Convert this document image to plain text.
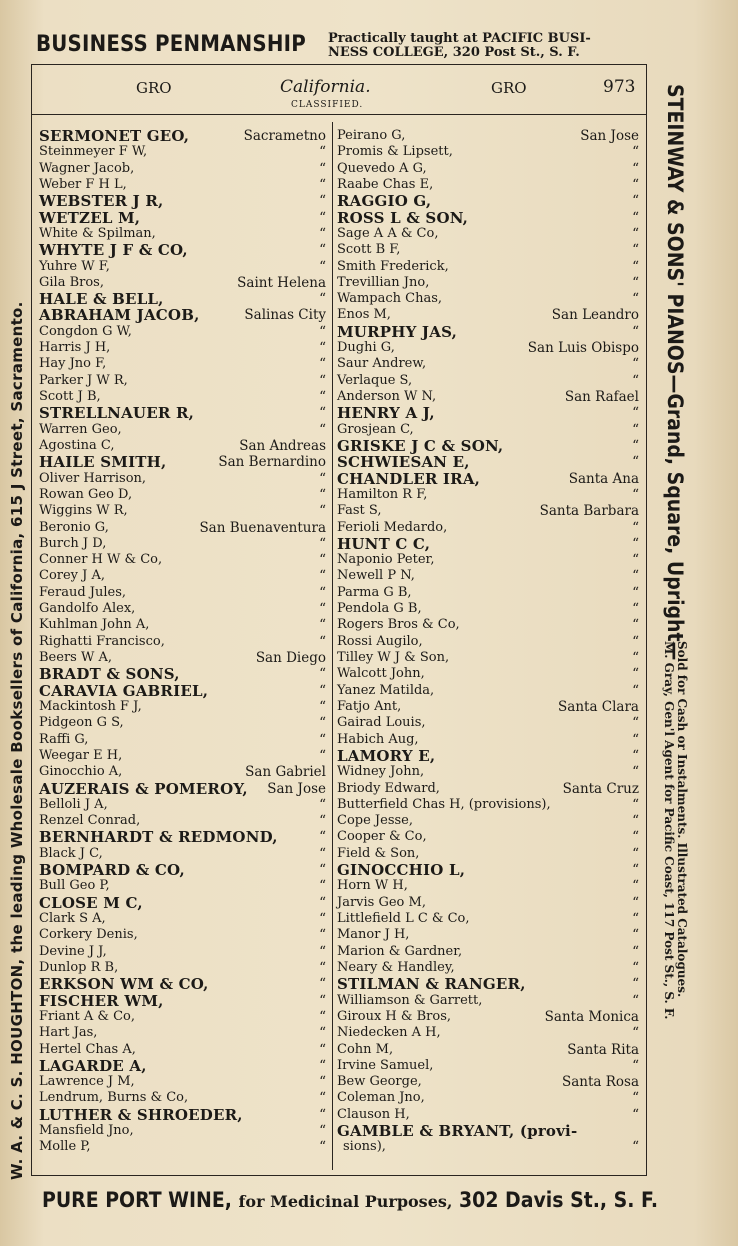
BUSINESS PENMANSHIP Practically taught at PACIFIC BUSI-
NESS COLLEGE, 320 Post St., S. F.
GRO	California.
CLASSIFIED.
GRO	973
SERMONET GEO,	Sacrametno
Steinmeyer F W,	“
Wagner Jacob,	“
Weber F H L,	“
WEBSTER J R,	“
WETZEL M,	“
White & Spilman,	“
WHYTE J F & CO,	“
Yuhre W F,	“
Gila Bros,	Saint Helena
HALE & BELL,	“
ABRAHAM JACOB,	Salinas City
Congdon G W,	“
Harris J H,	“
Hay Jno F,	“
Parker J W R,	“
Scott J B,	“
STRELLNAUER R,	“
Warren Geo,	“
Agostina C,	San Andreas
HAILE SMITH,	San Bernardino
Oliver Harrison,	“
Rowan Geo D,	“
Wiggins W R,	“
Beronio G,	San Buenaventura
Burch J D,	“
Conner H W & Co,	“
Corey J A,	“
Feraud Jules,	“
Gandolfo Alex,	“
Kuhlman John A,	“
Righatti Francisco,	“
Beers W A,	San Diego
BRADT & SONS,	“
CARAVIA GABRIEL,	“
Mackintosh F J,	“
Pidgeon G S,	“
Raffi G,	“
Weegar E H,	“
Ginocchio A,	San Gabriel
AUZERAIS & POMEROY, San Jose
Belloli J A,	“
Renzel Conrad,	“
BERNHARDT & REDMOND,	“
Black J C,	“
BOMPARD & CO,	“
Bull Geo P,	“
CLOSE M C,	“
Clark S A,	“
Corkery Denis,	“
Devine J J,	“
Dunlop R B,	“
ERKSON WM & CO,	“
FISCHER WM,	“
Friant A & Co,	“
Hart Jas,	“
Hertel Chas A,	“
LAGARDE A,	“
Lawrence J M,	“
Lendrum, Burns & Co,	“
LUTHER & SHROEDER,	“
Mansfield Jno,	“
Molle P,	“
Peirano G,	San Jose
Promis & Lipsett,	“
Quevedo A G,	“
Raabe Chas E,	“
RAGGIO G,	“
ROSS L & SON,	“
Sage A A & Co,	“
Scott B F,	“
Smith Frederick,	“
Trevillian Jno,	“
Wampach Chas,	“
Enos M,	San Leandro
MURPHY JAS,	“
Dughi G,	San Luis Obispo
Saur Andrew,	“
Verlaque S,	“
Anderson W N,	San Rafael
HENRY A J,	“
Grosjean C,	“
GRISKE J C & SON,	“
SCHWIESAN E,	“
CHANDLER IRA,	Santa Ana
Hamilton R F,	“
Fast S,	Santa Barbara
Ferioli Medardo,	“
HUNT C C,	“
Naponio Peter,	“
Newell P N,	“
Parma G B,	“
Pendola G B,	“
Rogers Bros & Co,	“
Rossi Augilo,	“
Tilley W J & Son,	“
Walcott John,	“
Yanez Matilda,	“
Fatjo Ant,	Santa Clara
Gairad Louis,	“
Habich Aug,	“
LAMORY E,	“
Widney John,	“
Briody Edward,	Santa Cruz
Butterfield Chas H, (provisions),	“
Cope Jesse,	“
Cooper & Co,	“
Field & Son,	“
GINOCCHIO L,	“
Horn W H,	“
Jarvis Geo M,	“
Littlefield L C & Co,	“
Manor J H,	“
Marion & Gardner,	“
Neary & Handley,	“
STILMAN & RANGER,	“
Williamson & Garrett,	“
Giroux H & Bros,	Santa Monica
Niedecken A H,	“
Cohn M,	Santa Rita
Irvine Samuel,	“
Bew George,	Santa Rosa
Coleman Jno,	“
Clauson H,	“
GAMBLE & BRYANT, (provi-
sions),	“
W. A. & C. S. HOUGHTON, the leading Wholesale Booksellers of California, 615 J Street, Sacramento.	STEINWAY & SONS' PIANOS—Grand, Square, Upright—
Sold for Cash or Instalments. Illustrated Catalogues.
M. Gray, Gen'l Agent for Pacific Coast, 117 Post St., S. F.
PURE PORT WINE, for Medicinal Purposes, 302 Davis St., S. F.
